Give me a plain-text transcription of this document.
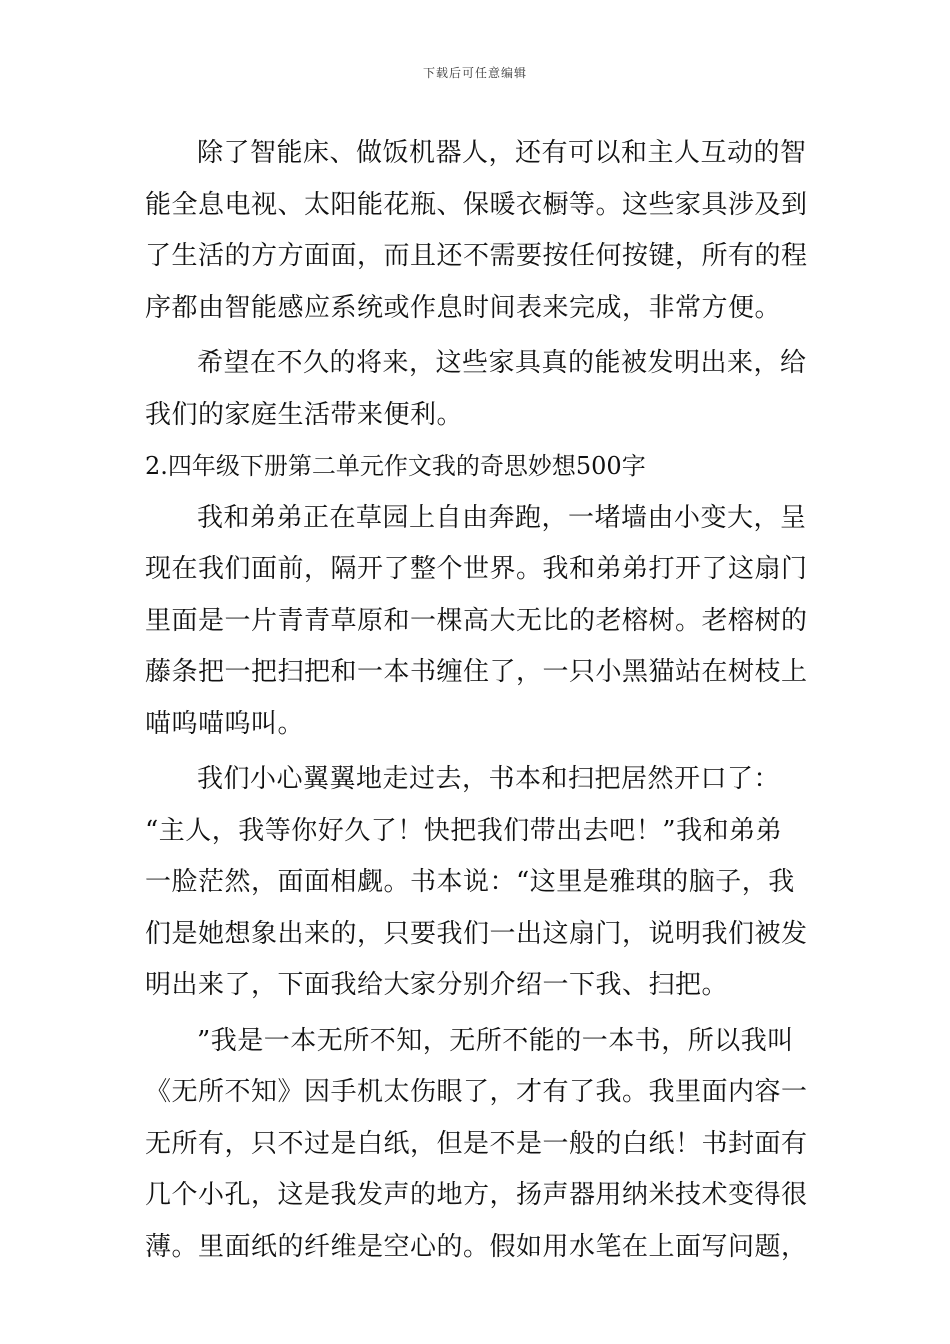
下载后可任意编辑
除了智能床、做饭机器人，还有可以和主人互动的智
能全息电视、太阳能花瓶、保暖衣橱等。这些家具涉及到
了生活的方方面面，而且还不需要按任何按键，所有的程
序都由智能感应系统或作息时间表来完成，非常方便。
希望在不久的将来，这些家具真的能被发明出来，给
我们的家庭生活带来便利。
2.四年级下册第二单元作文我的奇思妙想500字
我和弟弟正在草园上自由奔跑，一堵墙由小变大，呈
现在我们面前，隔开了整个世界。我和弟弟打开了这扇门
里面是一片青青草原和一棵高大无比的老榕树。老榕树的
藤条把一把扫把和一本书缠住了，一只小黑猫站在树枝上
喵呜喵呜叫。
我们小心翼翼地走过去，书本和扫把居然开口了：
“主人，我等你好久了！快把我们带出去吧！”我和弟弟
一脸茫然，面面相觑。书本说：“这里是雅琪的脑子，我
们是她想象出来的，只要我们一出这扇门，说明我们被发
明出来了，下面我给大家分别介绍一下我、扫把。
”我是一本无所不知，无所不能的一本书，所以我叫
《无所不知》因手机太伤眼了，才有了我。我里面内容一
无所有，只不过是白纸，但是不是一般的白纸！书封面有
几个小孔，这是我发声的地方，扬声器用纳米技术变得很
薄。里面纸的纤维是空心的。假如用水笔在上面写问题，
